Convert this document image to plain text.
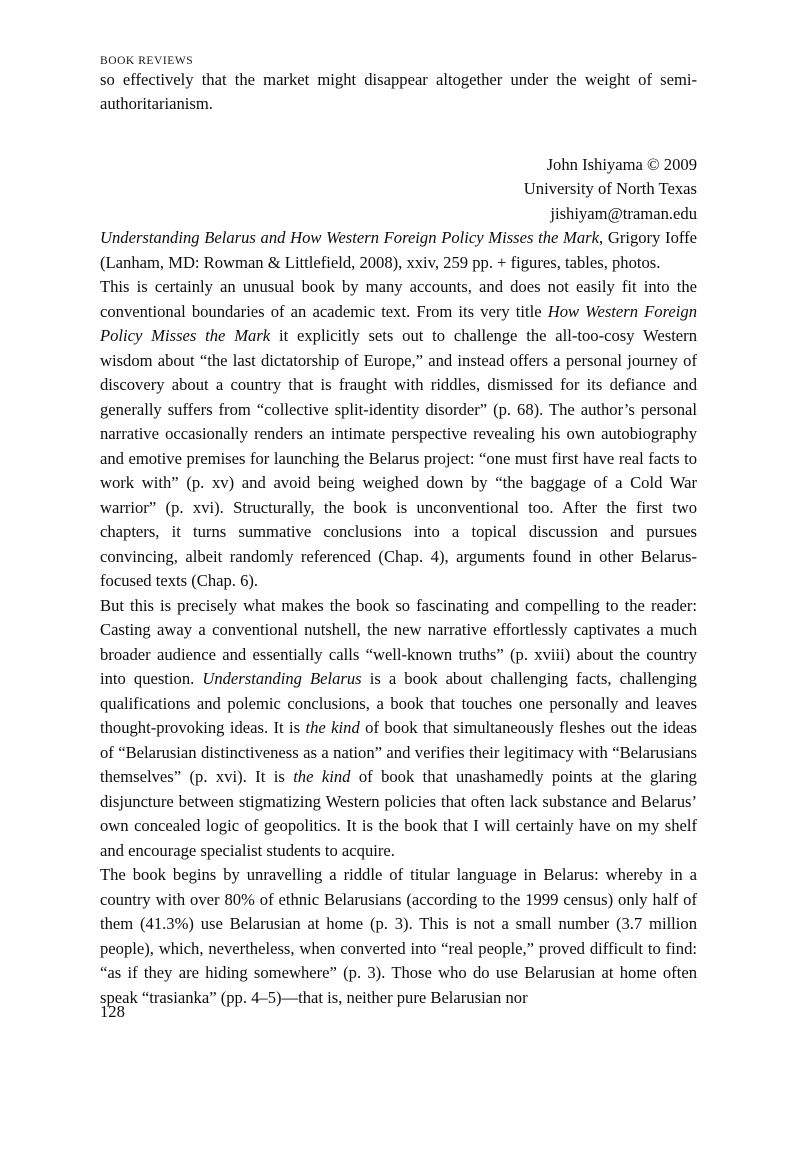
BOOK REVIEWS

so effectively that the market might disappear altogether under the weight of semi-authoritarianism.

John Ishiyama © 2009
University of North Texas
jishiyam@traman.edu

Understanding Belarus and How Western Foreign Policy Misses the Mark, Grigory Ioffe (Lanham, MD: Rowman & Littlefield, 2008), xxiv, 259 pp. + figures, tables, photos.

This is certainly an unusual book by many accounts, and does not easily fit into the conventional boundaries of an academic text. From its very title How Western Foreign Policy Misses the Mark it explicitly sets out to challenge the all-too-cosy Western wisdom about “the last dictatorship of Europe,” and instead offers a personal journey of discovery about a country that is fraught with riddles, dismissed for its defiance and generally suffers from “collective split-identity disorder” (p. 68). The author’s personal narrative occasionally renders an intimate perspective revealing his own autobiography and emotive premises for launching the Belarus project: “one must first have real facts to work with” (p. xv) and avoid being weighed down by “the baggage of a Cold War warrior” (p. xvi). Structurally, the book is unconventional too. After the first two chapters, it turns summative conclusions into a topical discussion and pursues convincing, albeit randomly referenced (Chap. 4), arguments found in other Belarus-focused texts (Chap. 6).

But this is precisely what makes the book so fascinating and compelling to the reader: Casting away a conventional nutshell, the new narrative effortlessly captivates a much broader audience and essentially calls “well-known truths” (p. xviii) about the country into question. Understanding Belarus is a book about challenging facts, challenging qualifications and polemic conclusions, a book that touches one personally and leaves thought-provoking ideas. It is the kind of book that simultaneously fleshes out the ideas of “Belarusian distinctiveness as a nation” and verifies their legitimacy with “Belarusians themselves” (p. xvi). It is the kind of book that unashamedly points at the glaring disjuncture between stigmatizing Western policies that often lack substance and Belarus’ own concealed logic of geopolitics. It is the book that I will certainly have on my shelf and encourage specialist students to acquire.

The book begins by unravelling a riddle of titular language in Belarus: whereby in a country with over 80% of ethnic Belarusians (according to the 1999 census) only half of them (41.3%) use Belarusian at home (p. 3). This is not a small number (3.7 million people), which, nevertheless, when converted into “real people,” proved difficult to find: “as if they are hiding somewhere” (p. 3). Those who do use Belarusian at home often speak “trasianka” (pp. 4–5)—that is, neither pure Belarusian nor

128
